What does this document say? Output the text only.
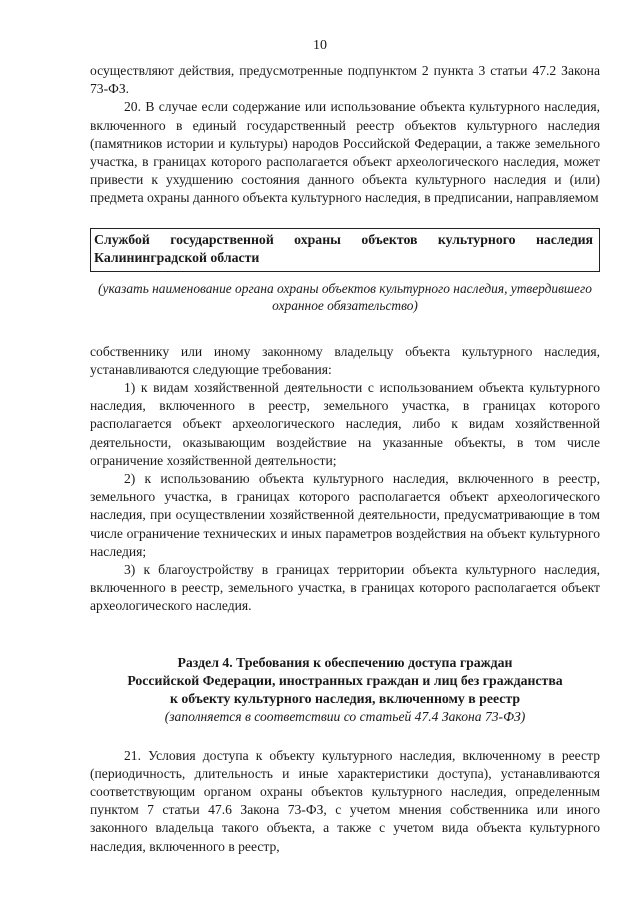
10

осуществляют действия, предусмотренные подпунктом 2 пункта 3 статьи 47.2 Закона 73-ФЗ.

20. В случае если содержание или использование объекта культурного наследия, включенного в единый государственный реестр объектов культурного наследия (памятников истории и культуры) народов Российской Федерации, а также земельного участка, в границах которого располагается объект археологического наследия, может привести к ухудшению состояния данного объекта культурного наследия и (или) предмета охраны данного объекта культурного наследия, в предписании, направляемом

Службой государственной охраны объектов культурного наследия Калининградской области
(указать наименование органа охраны объектов культурного наследия, утвердившего охранное обязательство)

собственнику или иному законному владельцу объекта культурного наследия, устанавливаются следующие требования:

1) к видам хозяйственной деятельности с использованием объекта культурного наследия, включенного в реестр, земельного участка, в границах которого располагается объект археологического наследия, либо к видам хозяйственной деятельности, оказывающим воздействие на указанные объекты, в том числе ограничение хозяйственной деятельности;

2) к использованию объекта культурного наследия, включенного в реестр, земельного участка, в границах которого располагается объект археологического наследия, при осуществлении хозяйственной деятельности, предусматривающие в том числе ограничение технических и иных параметров воздействия на объект культурного наследия;

3) к благоустройству в границах территории объекта культурного наследия, включенного в реестр, земельного участка, в границах которого располагается объект археологического наследия.

Раздел 4. Требования к обеспечению доступа граждан
Российской Федерации, иностранных граждан и лиц без гражданства
к объекту культурного наследия, включенному в реестр
(заполняется в соответствии со статьей 47.4 Закона 73-ФЗ)

21. Условия доступа к объекту культурного наследия, включенному в реестр (периодичность, длительность и иные характеристики доступа), устанавливаются соответствующим органом охраны объектов культурного наследия, определенным пунктом 7 статьи 47.6 Закона 73-ФЗ, с учетом мнения собственника или иного законного владельца такого объекта, а также с учетом вида объекта культурного наследия, включенного в реестр,
